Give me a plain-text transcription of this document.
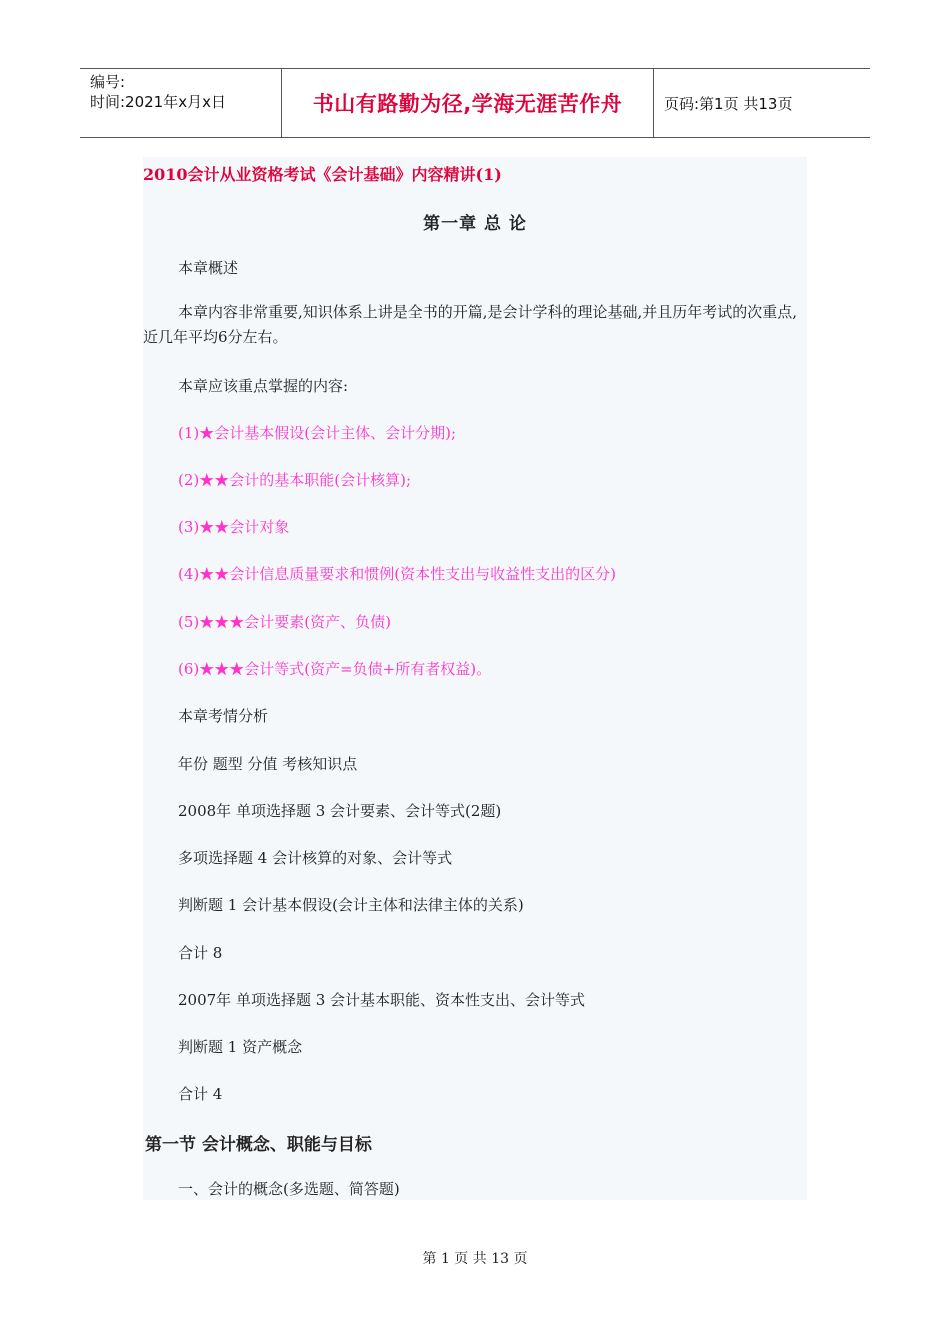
编号:
时间:2021年x月x日	书山有路勤为径,学海无涯苦作舟	页码:第1页 共13页
2010会计从业资格考试《会计基础》内容精讲(1)
第一章 总 论
本章概述
本章内容非常重要,知识体系上讲是全书的开篇,是会计学科的理论基础,并且历年考试的次重点,近几年平均6分左右。
本章应该重点掌握的内容:
(1)★会计基本假设(会计主体、会计分期);
(2)★★会计的基本职能(会计核算);
(3)★★会计对象
(4)★★会计信息质量要求和惯例(资本性支出与收益性支出的区分)
(5)★★★会计要素(资产、负债)
(6)★★★会计等式(资产=负债+所有者权益)。
本章考情分析
年份 题型 分值 考核知识点
2008年 单项选择题 3 会计要素、会计等式(2题)
多项选择题 4 会计核算的对象、会计等式
判断题 1 会计基本假设(会计主体和法律主体的关系)
合计 8
2007年 单项选择题 3 会计基本职能、资本性支出、会计等式
判断题 1 资产概念
合计 4
第一节 会计概念、职能与目标
一、会计的概念(多选题、简答题)
第 1 页 共 13 页
